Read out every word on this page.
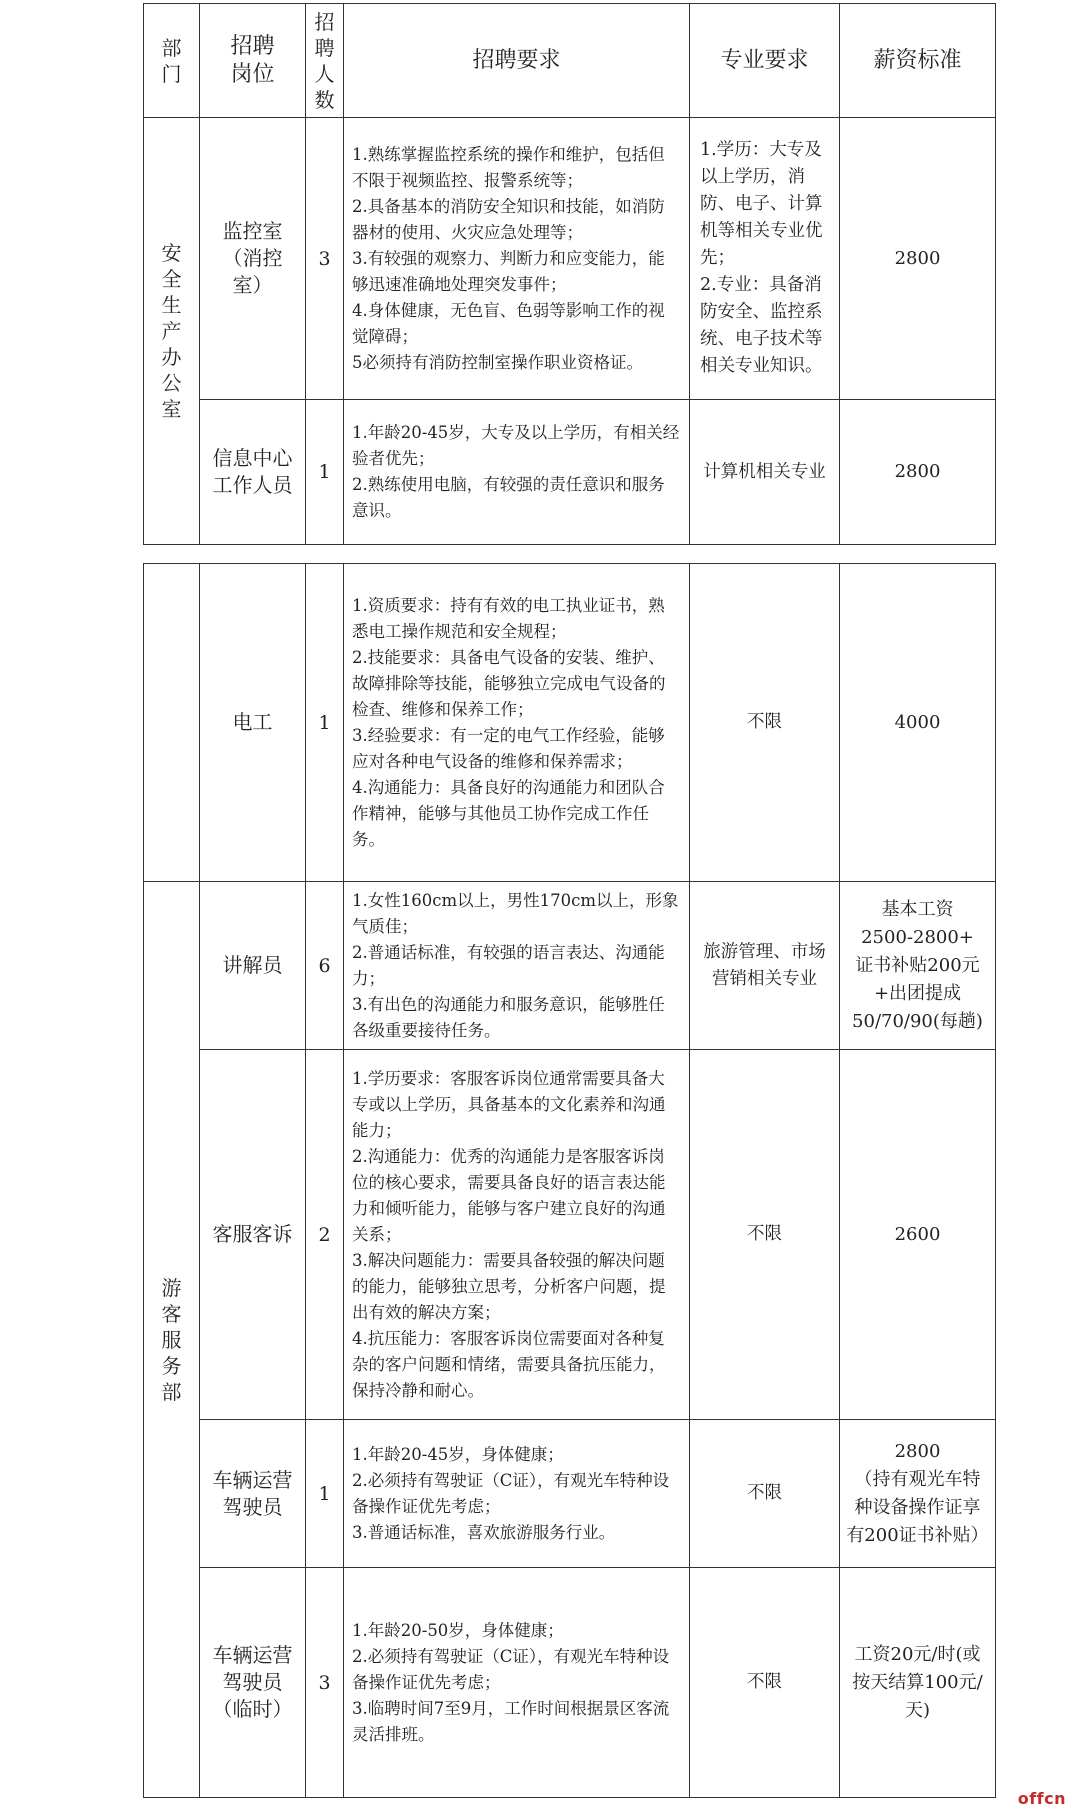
部门	招聘岗位	招聘人数	招聘要求	专业要求	薪资标准

安全生产办公室	监控室（消控室）	3	1.熟练掌握监控系统的操作和维护，包括但不限于视频监控、报警系统等；
2.具备基本的消防安全知识和技能，如消防器材的使用、火灾应急处理等；
3.有较强的观察力、判断力和应变能力，能够迅速准确地处理突发事件；
4.身体健康，无色盲、色弱等影响工作的视觉障碍；
5必须持有消防控制室操作职业资格证。	1.学历：大专及以上学历，消防、电子、计算机等相关专业优先；
2.专业：具备消防安全、监控系统、电子技术等相关专业知识。	2800
	信息中心工作人员	1	1.年龄20-45岁，大专及以上学历，有相关经验者优先；
2.熟练使用电脑，有较强的责任意识和服务意识。	计算机相关专业	2800
	电工	1	1.资质要求：持有有效的电工执业证书，熟悉电工操作规范和安全规程；
2.技能要求：具备电气设备的安装、维护、故障排除等技能，能够独立完成电气设备的检查、维修和保养工作；
3.经验要求：有一定的电气工作经验，能够应对各种电气设备的维修和保养需求；
4.沟通能力：具备良好的沟通能力和团队合作精神，能够与其他员工协作完成工作任务。	不限	4000

游客服务部	讲解员	6	1.女性160cm以上，男性170cm以上，形象气质佳；
2.普通话标准，有较强的语言表达、沟通能力；
3.有出色的沟通能力和服务意识，能够胜任各级重要接待任务。	旅游管理、市场营销相关专业	基本工资
2500-2800+
证书补贴200元
+出团提成
50/70/90(每趟)
	客服客诉	2	1.学历要求：客服客诉岗位通常需要具备大专或以上学历，具备基本的文化素养和沟通能力；
2.沟通能力：优秀的沟通能力是客服客诉岗位的核心要求，需要具备良好的语言表达能力和倾听能力，能够与客户建立良好的沟通关系；
3.解决问题能力：需要具备较强的解决问题的能力，能够独立思考，分析客户问题，提出有效的解决方案；
4.抗压能力：客服客诉岗位需要面对各种复杂的客户问题和情绪，需要具备抗压能力，保持冷静和耐心。	不限	2600
	车辆运营驾驶员	1	1.年龄20-45岁，身体健康；
2.必须持有驾驶证（C证），有观光车特种设备操作证优先考虑；
3.普通话标准，喜欢旅游服务行业。	不限	2800
（持有观光车特种设备操作证享有200证书补贴）
	车辆运营驾驶员（临时）	3	1.年龄20-50岁，身体健康；
2.必须持有驾驶证（C证），有观光车特种设备操作证优先考虑；
3.临聘时间7至9月，工作时间根据景区客流灵活排班。	不限	工资20元/时(或按天结算100元/天)
offcn
